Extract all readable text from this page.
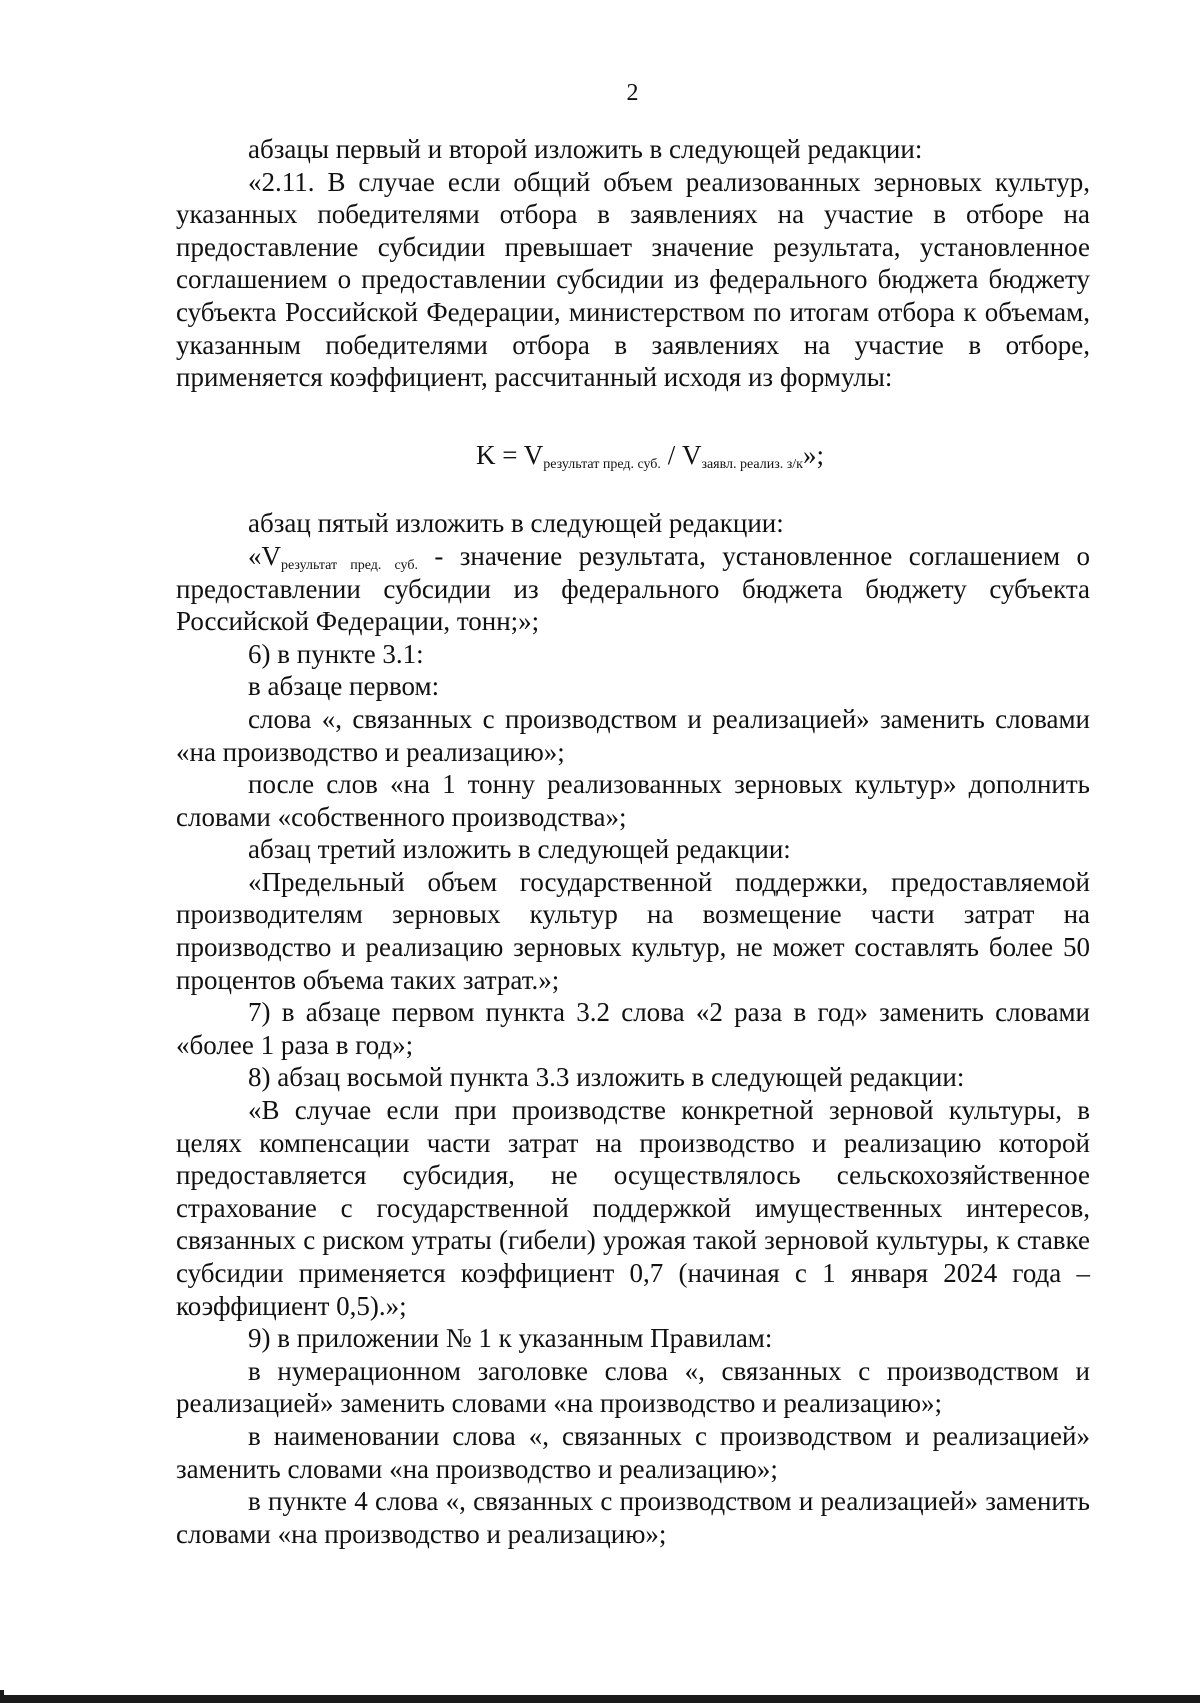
2

абзацы первый и второй изложить в следующей редакции:

«2.11. В случае если общий объем реализованных зерновых культур, указанных победителями отбора в заявлениях на участие в отборе на предоставление субсидии превышает значение результата, установленное соглашением о предоставлении субсидии из федерального бюджета бюджету субъекта Российской Федерации, министерством по итогам отбора к объемам, указанным победителями отбора в заявлениях на участие в отборе, применяется коэффициент, рассчитанный исходя из формулы:

$K = V_{результат пред. суб.} / V_{заявл. реализ. з/к}$»;

абзац пятый изложить в следующей редакции:

«$V_{результат пред. суб.}$ - значение результата, установленное соглашением о предоставлении субсидии из федерального бюджета бюджету субъекта Российской Федерации, тонн;»;

6) в пункте 3.1:

в абзаце первом:

слова «, связанных с производством и реализацией» заменить словами «на производство и реализацию»;

после слов «на 1 тонну реализованных зерновых культур» дополнить словами «собственного производства»;

абзац третий изложить в следующей редакции:

«Предельный объем государственной поддержки, предоставляемой производителям зерновых культур на возмещение части затрат на производство и реализацию зерновых культур, не может составлять более 50 процентов объема таких затрат.»;

7) в абзаце первом пункта 3.2 слова «2 раза в год» заменить словами «более 1 раза в год»;

8) абзац восьмой пункта 3.3 изложить в следующей редакции:

«В случае если при производстве конкретной зерновой культуры, в целях компенсации части затрат на производство и реализацию которой предоставляется субсидия, не осуществлялось сельскохозяйственное страхование с государственной поддержкой имущественных интересов, связанных с риском утраты (гибели) урожая такой зерновой культуры, к ставке субсидии применяется коэффициент 0,7 (начиная с 1 января 2024 года – коэффициент 0,5).»;

9) в приложении № 1 к указанным Правилам:

в нумерационном заголовке слова «, связанных с производством и реализацией» заменить словами «на производство и реализацию»;

в наименовании слова «, связанных с производством и реализацией» заменить словами «на производство и реализацию»;

в пункте 4 слова «, связанных с производством и реализацией» заменить словами «на производство и реализацию»;
